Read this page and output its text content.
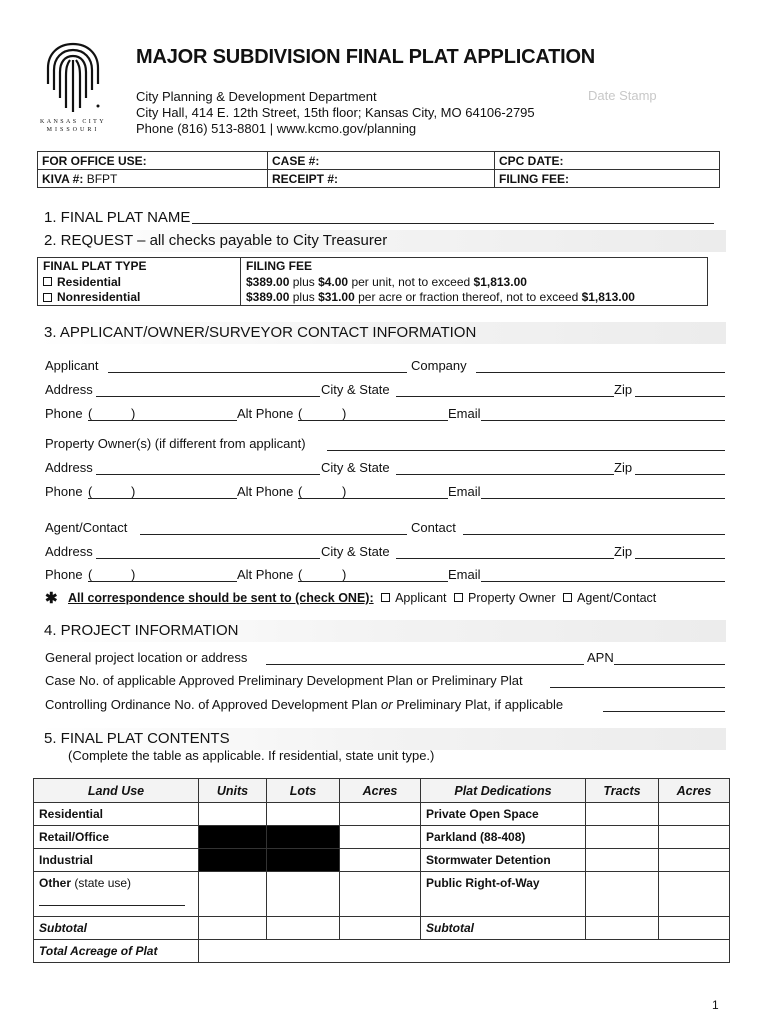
KANSAS CITY
MISSOURI
MAJOR SUBDIVISION FINAL PLAT APPLICATION
City Planning & Development Department
City Hall, 414 E. 12th Street, 15th floor; Kansas City, MO 64106-2795
Phone (816) 513-8801 | www.kcmo.gov/planning
Date Stamp
FOR OFFICE USE:	CASE #:	CPC DATE:
KIVA #: BFPT	RECEIPT #:	FILING FEE:
1. FINAL PLAT NAME
2. REQUEST – all checks payable to City Treasurer
FINAL PLAT TYPE	FILING FEE
Residential	$389.00 plus $4.00 per unit, not to exceed $1,813.00
Nonresidential	$389.00 plus $31.00 per acre or fraction thereof, not to exceed $1,813.00
3. APPLICANT/OWNER/SURVEYOR CONTACT INFORMATION
Applicant	Company
Address	City & State	Zip
Phone (	)	Alt Phone (	)	Email
Property Owner(s) (if different from applicant)
Address	City & State	Zip
Phone (	)	Alt Phone (	)	Email
Agent/Contact	Contact
Address	City & State	Zip
Phone (	)	Alt Phone (	)	Email
✱ All correspondence should be sent to (check ONE): Applicant Property Owner Agent/Contact
4. PROJECT INFORMATION
General project location or address	APN
Case No. of applicable Approved Preliminary Development Plan or Preliminary Plat
Controlling Ordinance No. of Approved Development Plan or Preliminary Plat, if applicable
5. FINAL PLAT CONTENTS
(Complete the table as applicable. If residential, state unit type.)
Land Use	Units	Lots	Acres	Plat Dedications	Tracts	Acres
Residential				Private Open Space		
Retail/Office				Parkland (88-408)		
Industrial				Stormwater Detention		
Other (state use)				Public Right-of-Way		
Subtotal				Subtotal		
Total Acreage of Plat						
1
